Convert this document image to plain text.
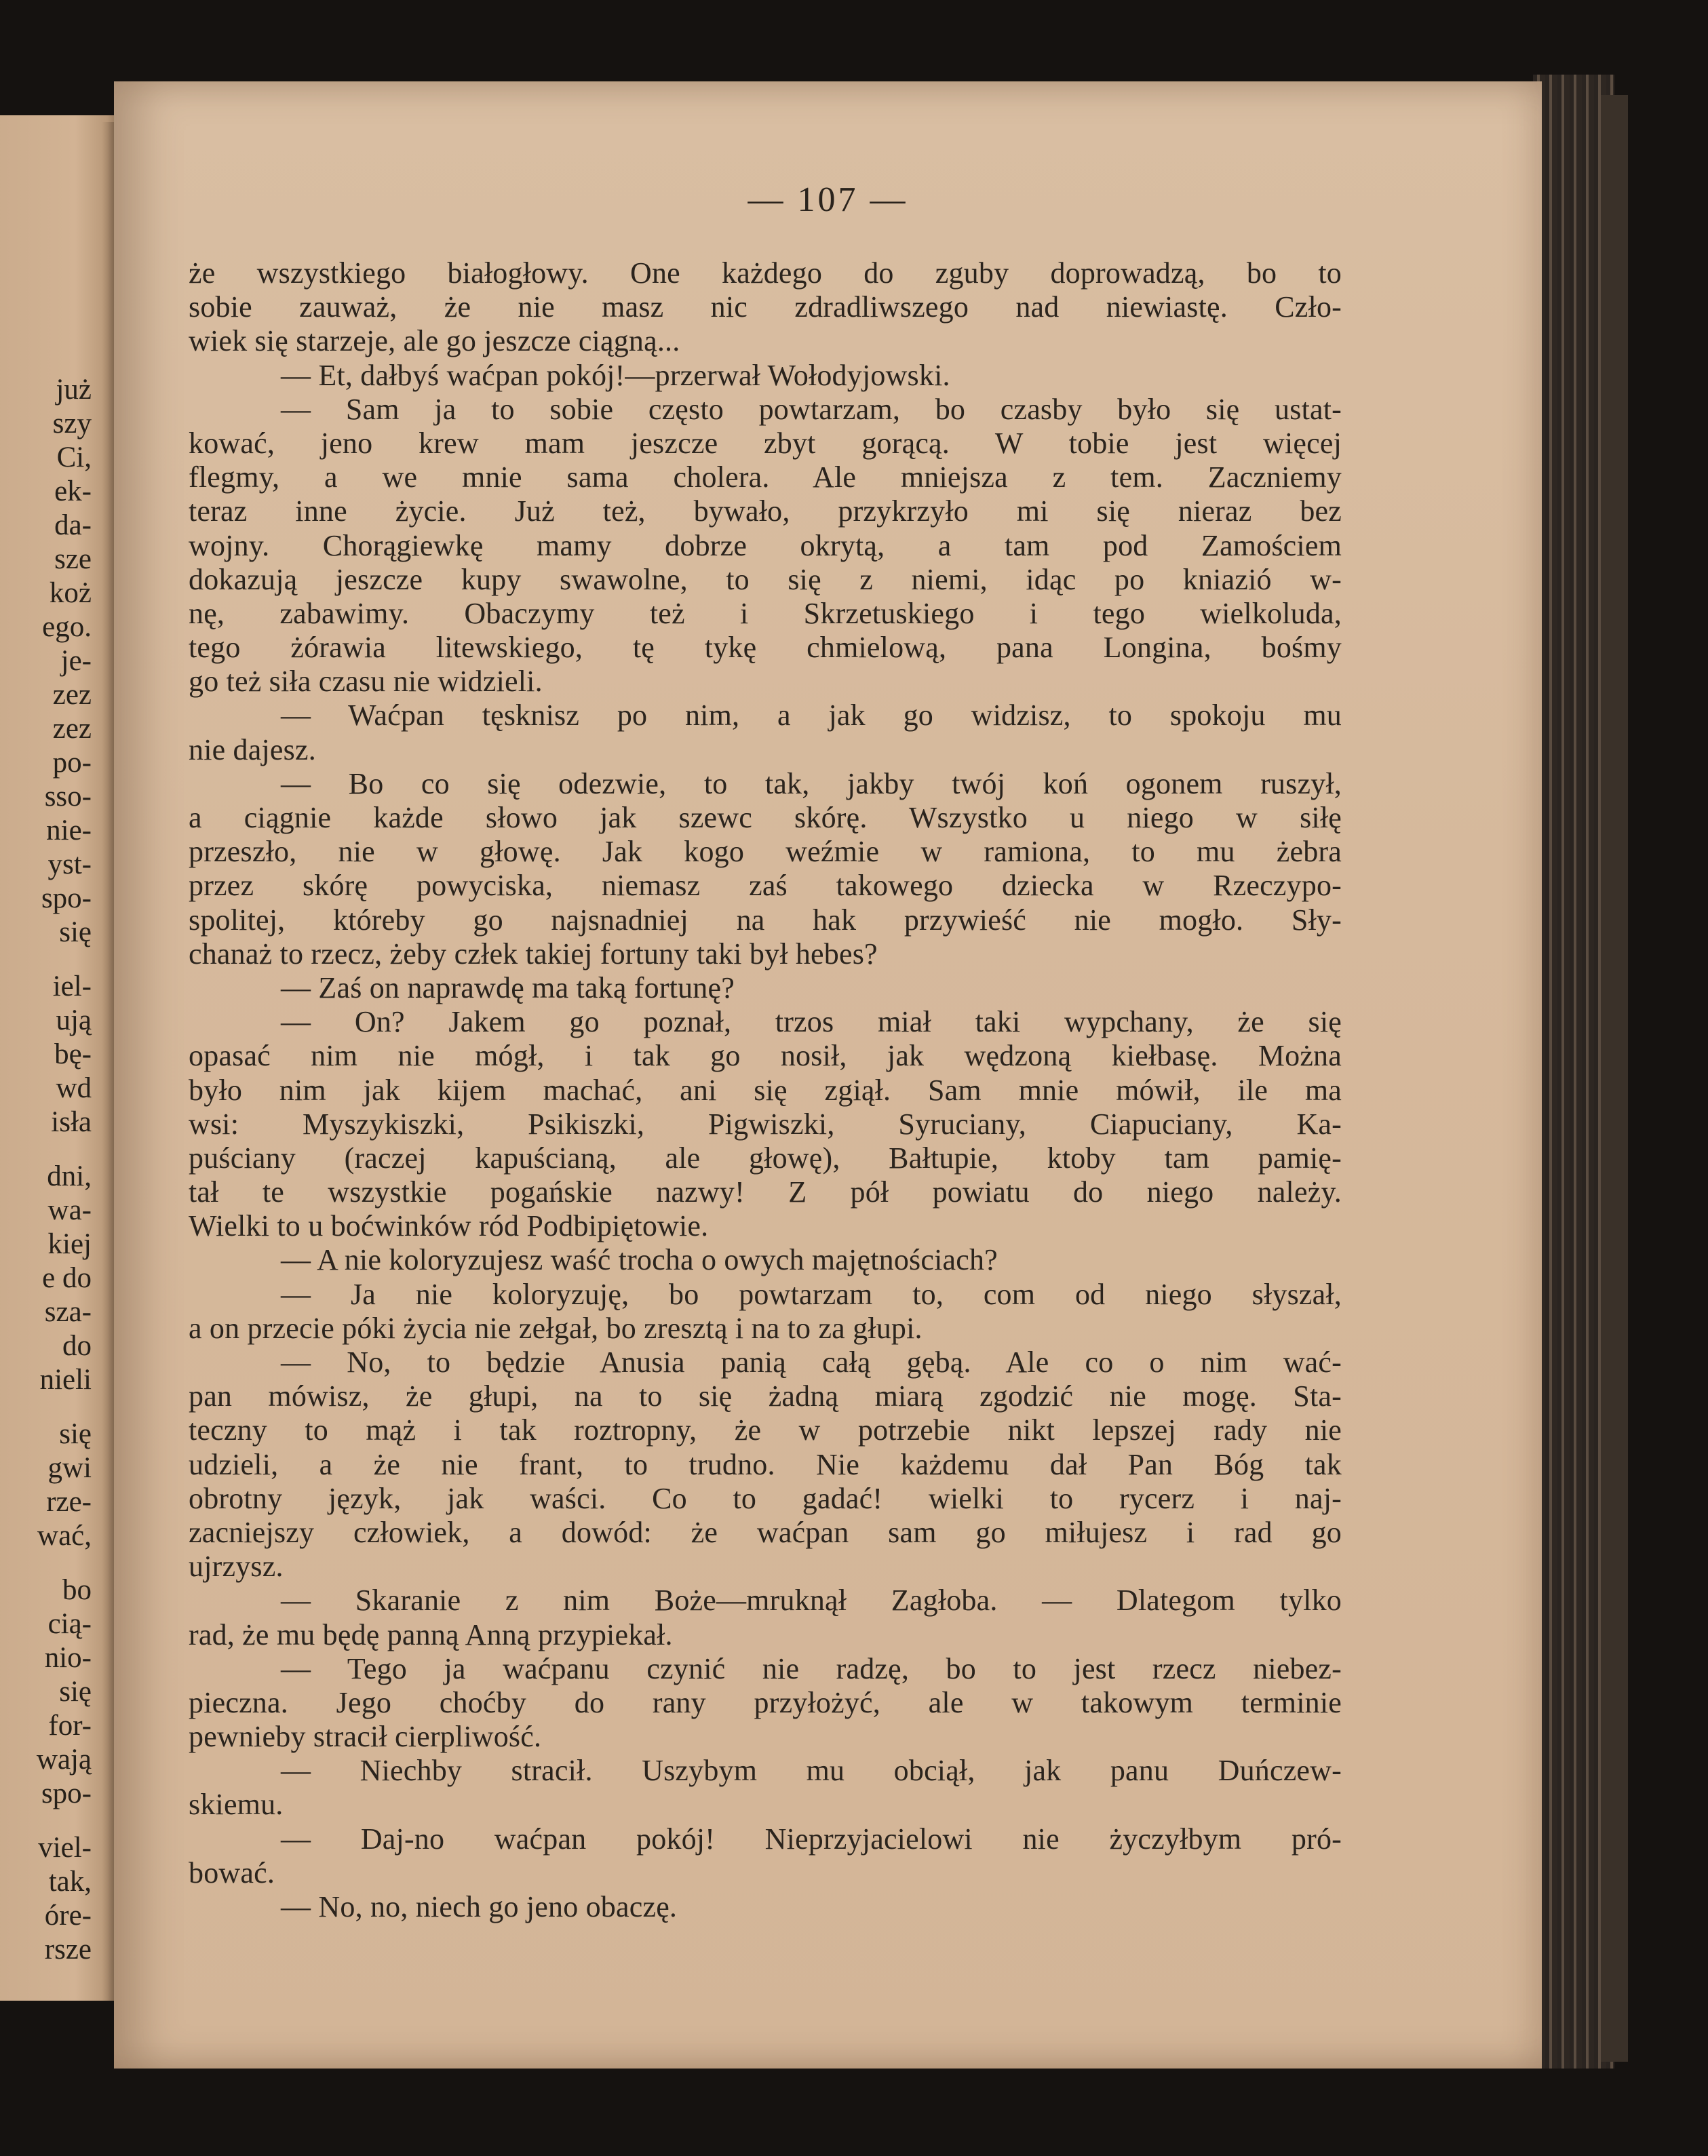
już
szy
Ci,
ek-
da-
sze
koż
ego.
je-
zez
zez
po-
sso-
nie-
yst-
spo-
się
iel-
ują
bę-
wd
isła
dni,
wa-
kiej
e do
sza-
do
nieli
się
gwi
rze-
wać,
bo
cią-
nio-
się
for-
wają
spo-
viel-
tak,
óre-
rsze
— 107 —
że wszystkiego białogłowy. One każdego do zguby doprowadzą, bo to
sobie zauważ, że nie masz nic zdradliwszego nad niewiastę. Czło-
wiek się starzeje, ale go jeszcze ciągną...
— Et, dałbyś waćpan pokój!—przerwał Wołodyjowski.
— Sam ja to sobie często powtarzam, bo czasby było się ustat-
kować, jeno krew mam jeszcze zbyt gorącą. W tobie jest więcej
flegmy, a we mnie sama cholera. Ale mniejsza z tem. Zaczniemy
teraz inne życie. Już też, bywało, przykrzyło mi się nieraz bez
wojny. Chorągiewkę mamy dobrze okrytą, a tam pod Zamościem
dokazują jeszcze kupy swawolne, to się z niemi, idąc po kniazió w-
nę, zabawimy. Obaczymy też i Skrzetuskiego i tego wielkoluda,
tego żórawia litewskiego, tę tykę chmielową, pana Longina, bośmy
go też siła czasu nie widzieli.
— Waćpan tęsknisz po nim, a jak go widzisz, to spokoju mu
nie dajesz.
— Bo co się odezwie, to tak, jakby twój koń ogonem ruszył,
a ciągnie każde słowo jak szewc skórę. Wszystko u niego w siłę
przeszło, nie w głowę. Jak kogo weźmie w ramiona, to mu żebra
przez skórę powyciska, niemasz zaś takowego dziecka w Rzeczypo-
spolitej, któreby go najsnadniej na hak przywieść nie mogło. Sły-
chanaż to rzecz, żeby człek takiej fortuny taki był hebes?
— Zaś on naprawdę ma taką fortunę?
— On? Jakem go poznał, trzos miał taki wypchany, że się
opasać nim nie mógł, i tak go nosił, jak wędzoną kiełbasę. Można
było nim jak kijem machać, ani się zgiął. Sam mnie mówił, ile ma
wsi: Myszykiszki, Psikiszki, Pigwiszki, Syruciany, Ciapuciany, Ka-
puściany (raczej kapuścianą, ale głowę), Bałtupie, ktoby tam pamię-
tał te wszystkie pogańskie nazwy! Z pół powiatu do niego należy.
Wielki to u boćwinków ród Podbipiętowie.
— A nie koloryzujesz waść trocha o owych majętnościach?
— Ja nie koloryzuję, bo powtarzam to, com od niego słyszał,
a on przecie póki życia nie zełgał, bo zresztą i na to za głupi.
— No, to będzie Anusia panią całą gębą. Ale co o nim wać-
pan mówisz, że głupi, na to się żadną miarą zgodzić nie mogę. Sta-
teczny to mąż i tak roztropny, że w potrzebie nikt lepszej rady nie
udzieli, a że nie frant, to trudno. Nie każdemu dał Pan Bóg tak
obrotny język, jak waści. Co to gadać! wielki to rycerz i naj-
zacniejszy człowiek, a dowód: że waćpan sam go miłujesz i rad go
ujrzysz.
— Skaranie z nim Boże—mruknął Zagłoba. — Dlategom tylko
rad, że mu będę panną Anną przypiekał.
— Tego ja waćpanu czynić nie radzę, bo to jest rzecz niebez-
pieczna. Jego choćby do rany przyłożyć, ale w takowym terminie
pewnieby stracił cierpliwość.
— Niechby stracił. Uszybym mu obciął, jak panu Duńczew-
skiemu.
— Daj-no waćpan pokój! Nieprzyjacielowi nie życzyłbym pró-
bować.
— No, no, niech go jeno obaczę.
